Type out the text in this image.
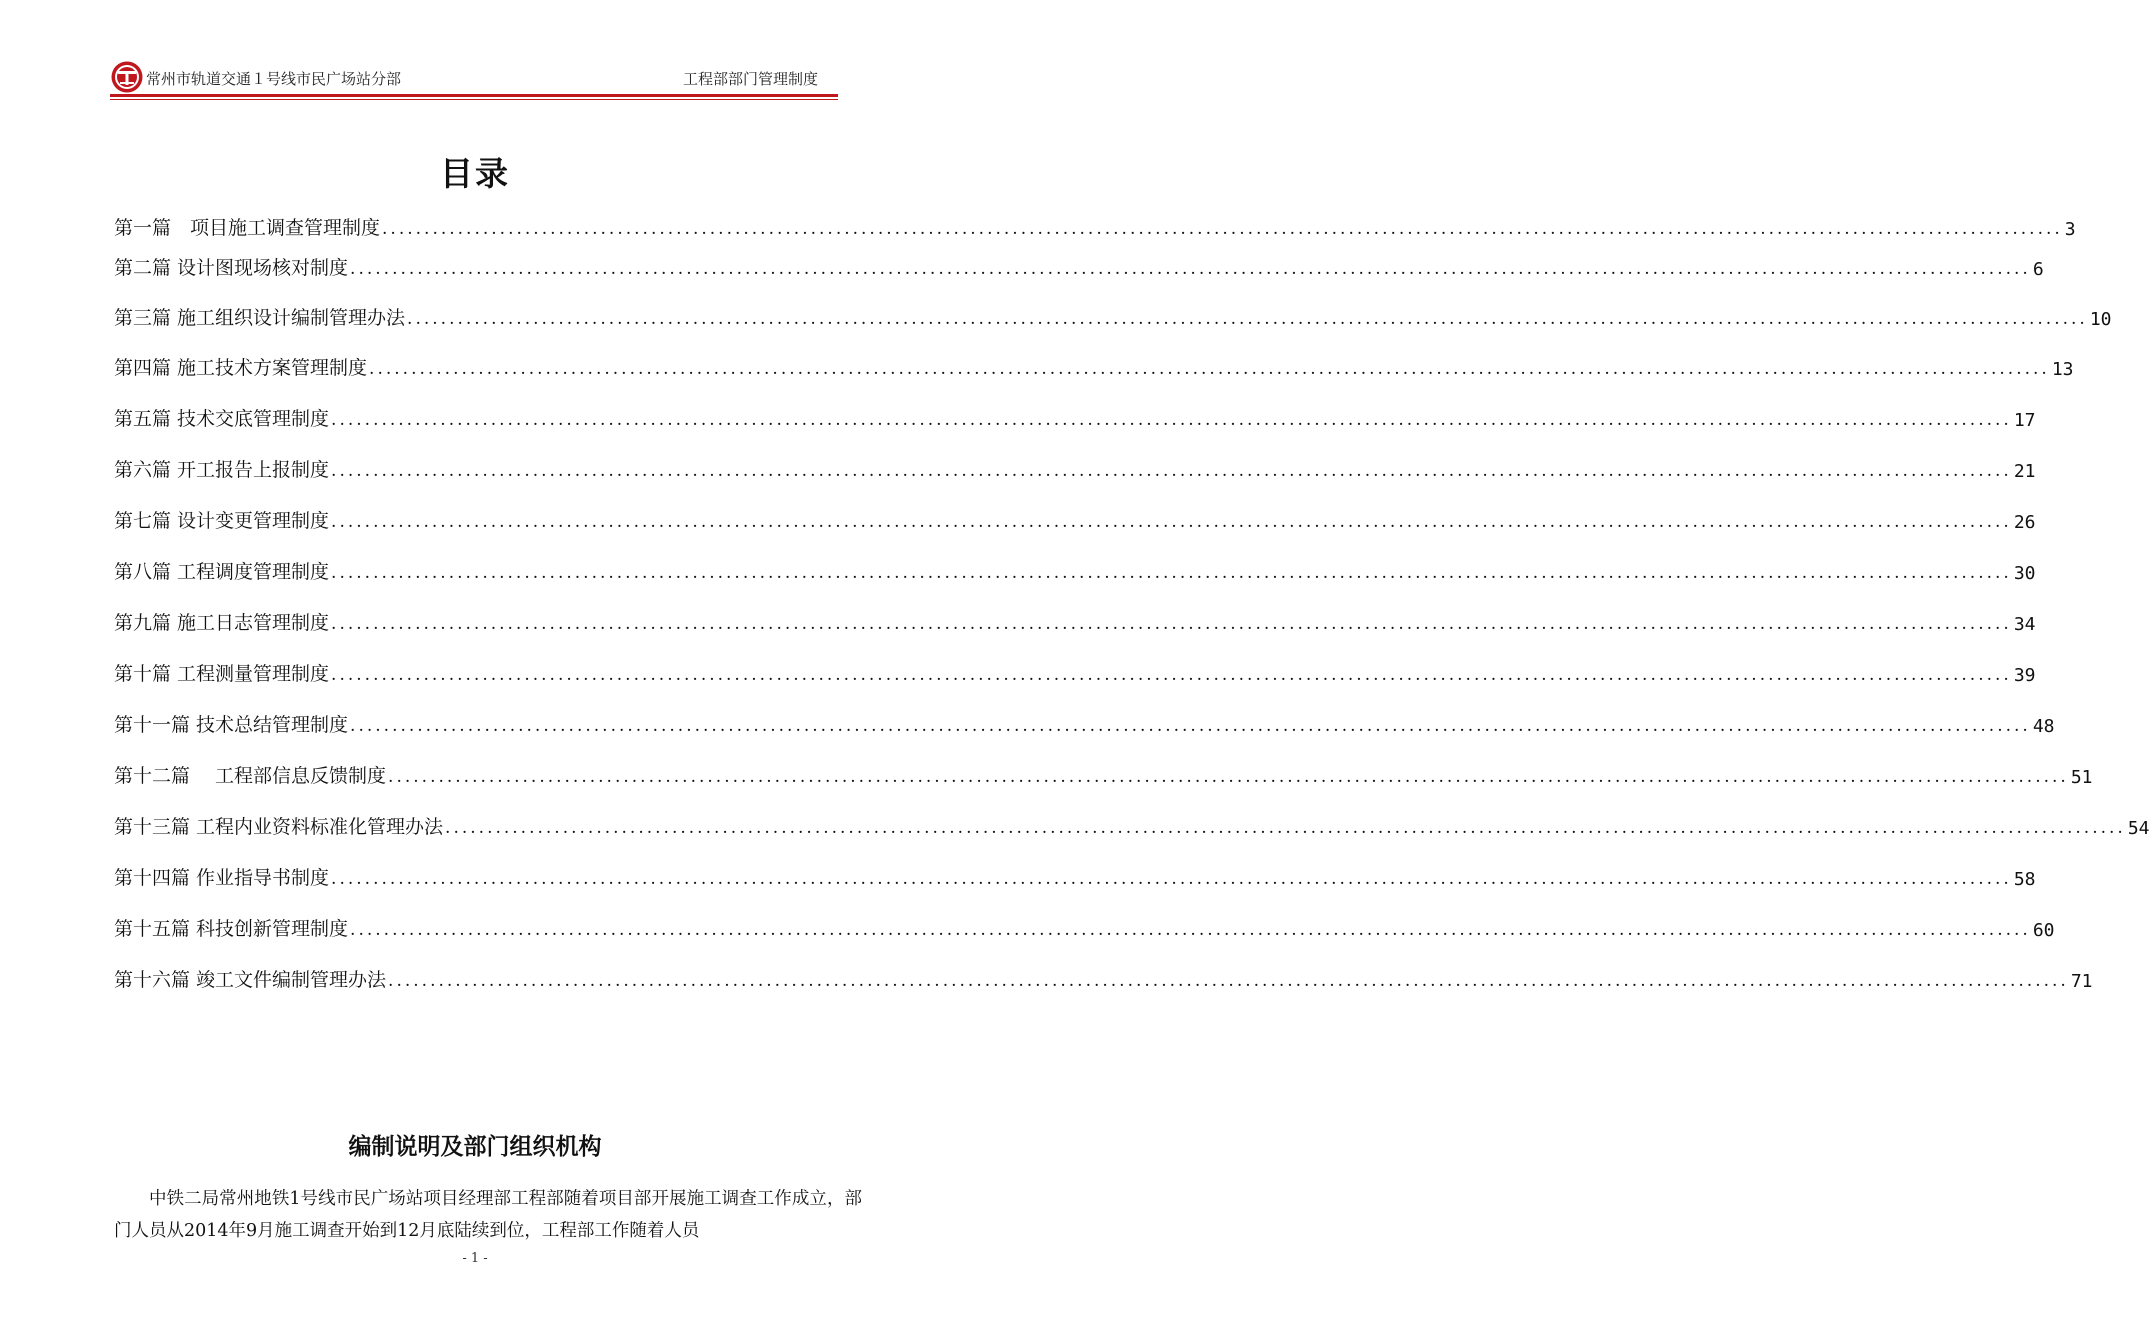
常州市轨道交通１号线市民广场站分部	工程部部门管理制度
目录
第一篇　项目施工调查管理制度 ........................................................................................................................................................................................................ 3
第二篇 设计图现场核对制度 ........................................................................................................................................................................................................ 6
第三篇 施工组织设计编制管理办法 ........................................................................................................................................................................................................ 10
第四篇 施工技术方案管理制度 ........................................................................................................................................................................................................ 13
第五篇 技术交底管理制度 ........................................................................................................................................................................................................ 17
第六篇 开工报告上报制度 ........................................................................................................................................................................................................ 21
第七篇 设计变更管理制度 ........................................................................................................................................................................................................ 26
第八篇 工程调度管理制度 ........................................................................................................................................................................................................ 30
第九篇 施工日志管理制度 ........................................................................................................................................................................................................ 34
第十篇 工程测量管理制度 ........................................................................................................................................................................................................ 39
第十一篇 技术总结管理制度 ........................................................................................................................................................................................................ 48
第十二篇　 工程部信息反馈制度 ........................................................................................................................................................................................................ 51
第十三篇 工程内业资料标准化管理办法 ........................................................................................................................................................................................................ 54
第十四篇 作业指导书制度 ........................................................................................................................................................................................................ 58
第十五篇 科技创新管理制度 ........................................................................................................................................................................................................ 60
第十六篇 竣工文件编制管理办法 ........................................................................................................................................................................................................ 71
编制说明及部门组织机构
中铁二局常州地铁1号线市民广场站项目经理部工程部随着项目部开展施工调查工作成立，部门人员从2014年9月施工调查开始到12月底陆续到位，工程部工作随着人员
- 1 -
